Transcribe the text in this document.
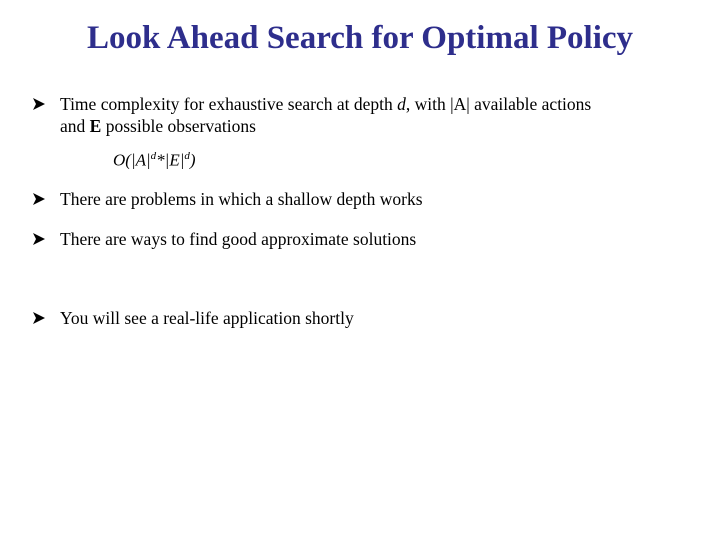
Look Ahead Search for Optimal Policy
Time complexity for exhaustive search at depth d, with |A| available actions
and E possible observations
$O(|A|^d*|E|^d)$
There are problems in which a shallow depth works
There are ways to find good approximate solutions
You will see a real-life application shortly
